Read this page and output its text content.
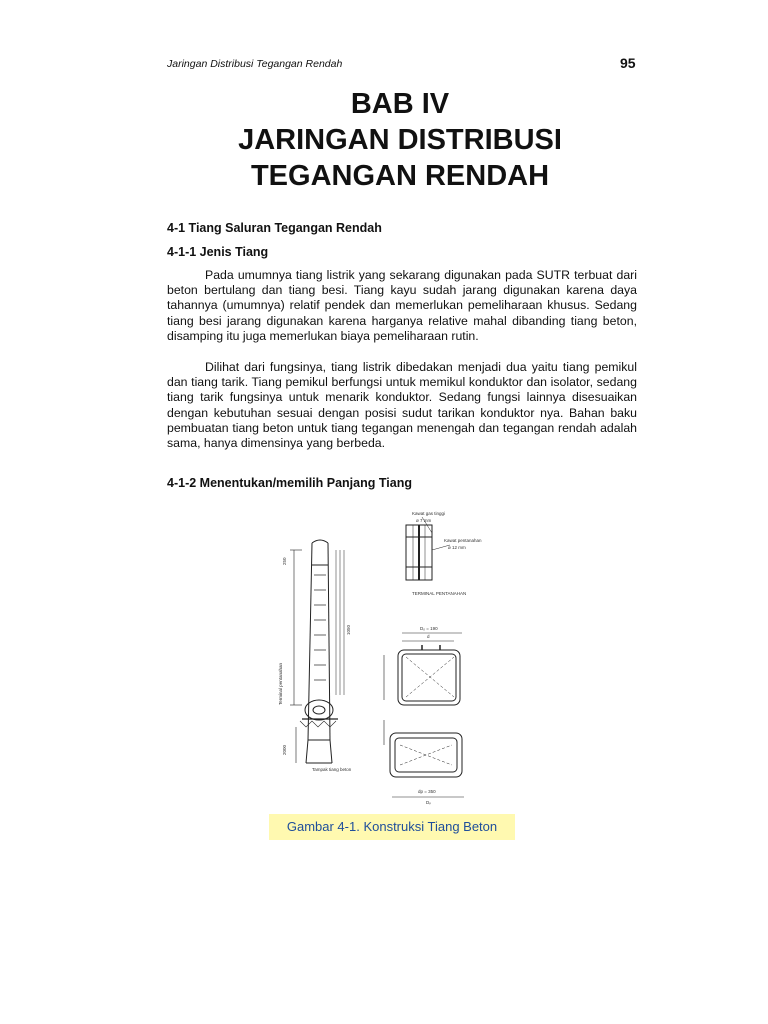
Jaringan Distribusi Tegangan Rendah	95
BAB IV
JARINGAN DISTRIBUSI
TEGANGAN RENDAH
4-1 Tiang Saluran Tegangan Rendah
4-1-1 Jenis Tiang

Pada umumnya tiang listrik yang sekarang digunakan pada SUTR terbuat dari beton bertulang dan tiang besi. Tiang kayu sudah jarang digunakan karena daya tahannya (umumnya) relatif pendek dan memerlukan pemeliharaan khusus. Sedang tiang besi jarang digunakan karena harganya relative mahal dibanding tiang beton, disamping itu juga memerlukan biaya pemeliharaan rutin.

Dilihat dari fungsinya, tiang listrik dibedakan menjadi dua yaitu tiang pemikul dan tiang tarik. Tiang pemikul berfungsi untuk memikul konduktor dan isolator, sedang tiang tarik fungsinya untuk menarik konduktor. Sedang fungsi lainnya disesuaikan dengan kebutuhan sesuai dengan posisi sudut tarikan konduktor nya. Bahan baku pembuatan tiang beton untuk tiang tegangan menengah dan tegangan rendah adalah sama, hanya dimensinya yang berbeda.

4-1-2 Menentukan/memilih Panjang Tiang
Kawat gas tinggi
ø 7 mm
Kawat pentanahan
ø 12 mm
TERMINAL PENTANAHAN
Dₒ = 190
d
dp = 350
Dₚ
Tampak tiang beton
250
2000
Terminal pentanahan
1050
Gambar 4-1. Konstruksi Tiang Beton
